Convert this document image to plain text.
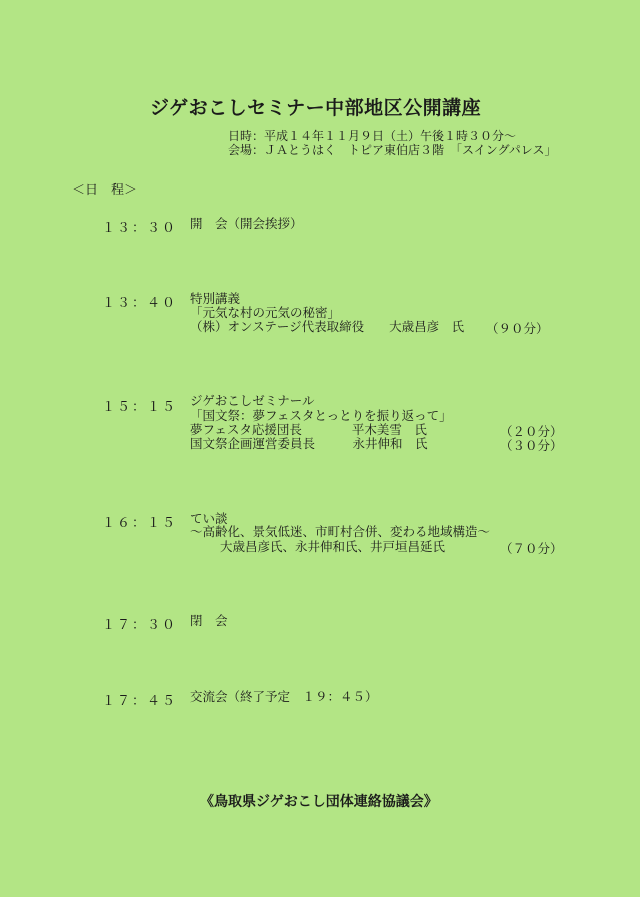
ジゲおこしセミナー中部地区公開講座
日時：平成１４年１１月９日（土）午後１時３０分～
会場：ＪＡとうはく　トピア東伯店３階　「スイングパレス」
＜日　程＞
１３：３０ 開　会（開会挨拶）
１３：４０ 特別講義
「元気な村の元気の秘密」
（株）オンステージ代表取締役　　大歳昌彦　氏 （９０分）
１５：１５ ジゲおこしゼミナール
「国文祭：夢フェスタとっとりを振り返って」
夢フェスタ応援団長　　　　平木美雪　氏	（２０分）
国文祭企画運営委員長　　　永井伸和　氏	（３０分）
１６：１５ てい談
～高齢化、景気低迷、市町村合併、変わる地域構造～
大歳昌彦氏、永井伸和氏、井戸垣昌延氏	（７０分）
１７：３０ 閉　会
１７：４５ 交流会（終了予定　１９：４５）
《鳥取県ジゲおこし団体連絡協議会》
